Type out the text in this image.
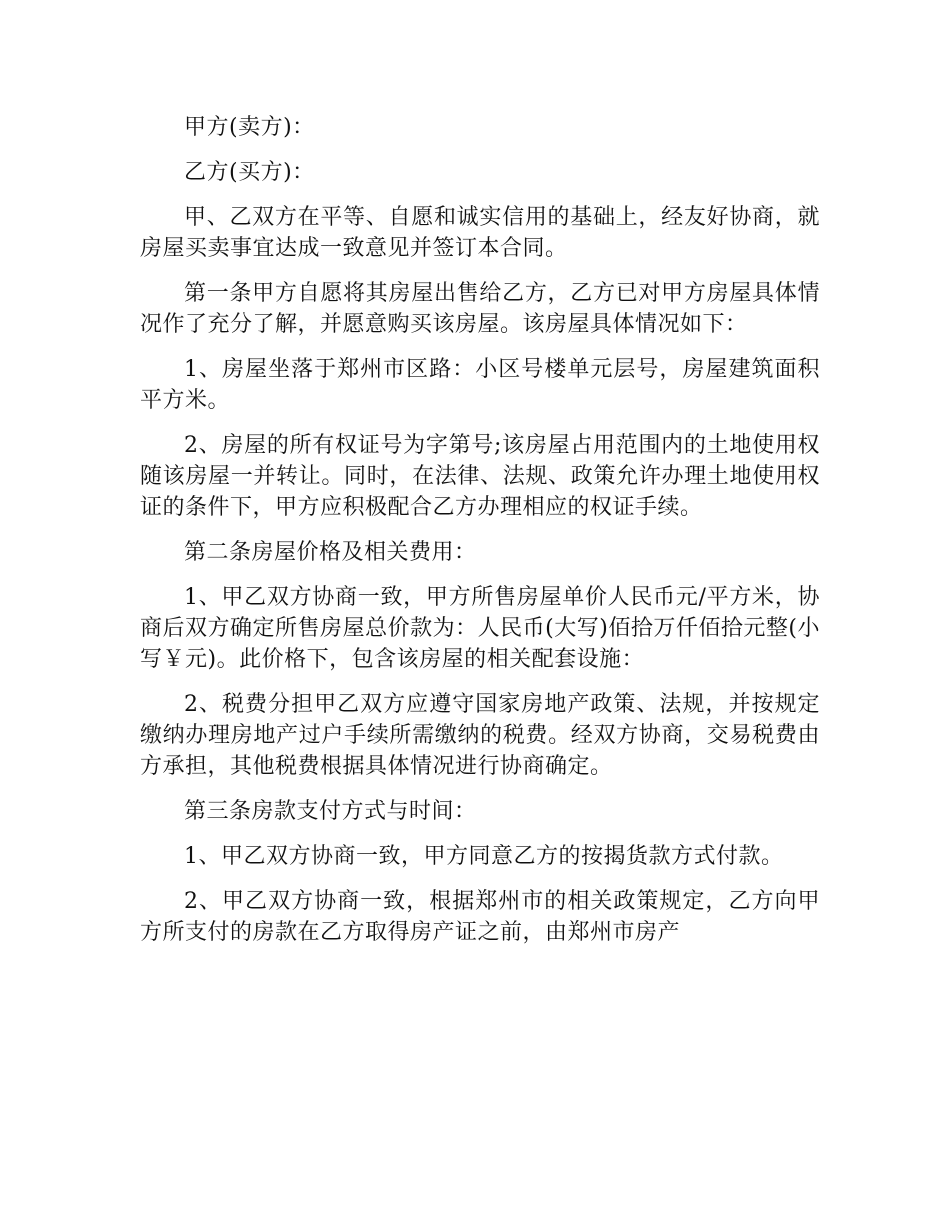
甲方(卖方)：

乙方(买方)：

甲、乙双方在平等、自愿和诚实信用的基础上，经友好协商，就房屋买卖事宜达成一致意见并签订本合同。

第一条甲方自愿将其房屋出售给乙方，乙方已对甲方房屋具体情况作了充分了解，并愿意购买该房屋。该房屋具体情况如下：

1、房屋坐落于郑州市区路：小区号楼单元层号，房屋建筑面积平方米。

2、房屋的所有权证号为字第号;该房屋占用范围内的土地使用权随该房屋一并转让。同时，在法律、法规、政策允许办理土地使用权证的条件下，甲方应积极配合乙方办理相应的权证手续。

第二条房屋价格及相关费用：

1、甲乙双方协商一致，甲方所售房屋单价人民币元/平方米，协商后双方确定所售房屋总价款为：人民币(大写)佰拾万仟佰拾元整(小写￥元)。此价格下，包含该房屋的相关配套设施：

2、税费分担甲乙双方应遵守国家房地产政策、法规，并按规定缴纳办理房地产过户手续所需缴纳的税费。经双方协商，交易税费由方承担，其他税费根据具体情况进行协商确定。

第三条房款支付方式与时间：

1、甲乙双方协商一致，甲方同意乙方的按揭货款方式付款。

2、甲乙双方协商一致，根据郑州市的相关政策规定，乙方向甲方所支付的房款在乙方取得房产证之前，由郑州市房产
